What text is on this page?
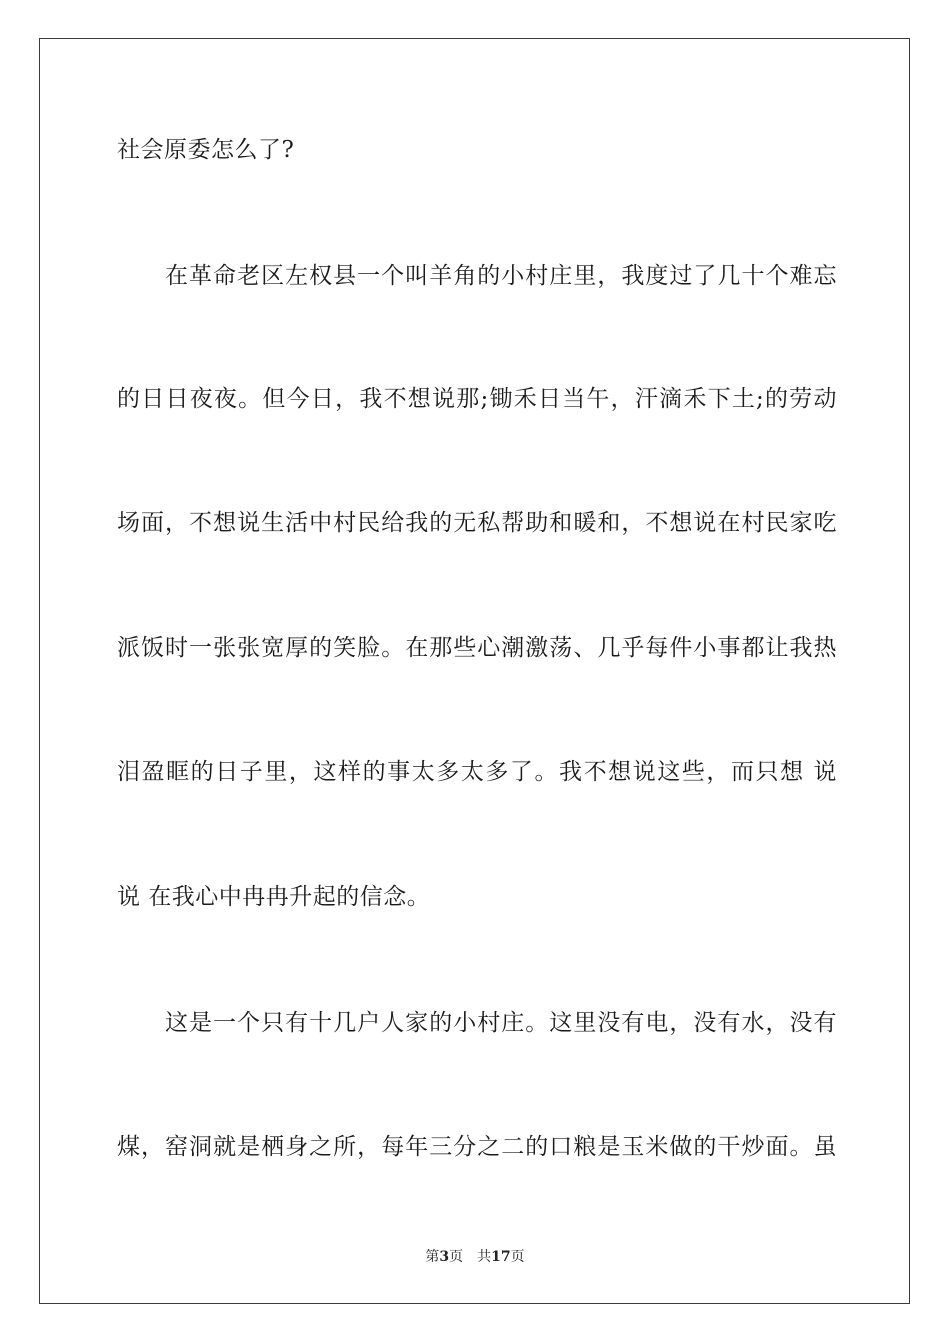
社会原委怎么了?
在革命老区左权县一个叫羊角的小村庄里，我度过了几十个难忘
的日日夜夜。但今日，我不想说那;锄禾日当午，汗滴禾下土;的劳动
场面，不想说生活中村民给我的无私帮助和暖和，不想说在村民家吃
派饭时一张张宽厚的笑脸。在那些心潮激荡、几乎每件小事都让我热
泪盈眶的日子里，这样的事太多太多了。我不想说这些，而只想 说
说 在我心中冉冉升起的信念。
这是一个只有十几户人家的小村庄。这里没有电，没有水，没有
煤，窑洞就是栖身之所，每年三分之二的口粮是玉米做的干炒面。虽
第3页 共17页
